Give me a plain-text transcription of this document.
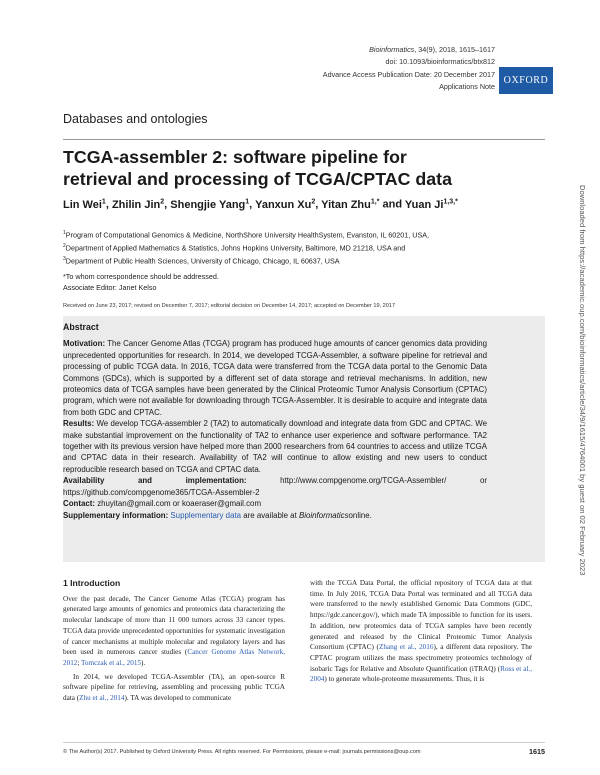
Bioinformatics, 34(9), 2018, 1615–1617
doi: 10.1093/bioinformatics/btx812
Advance Access Publication Date: 20 December 2017
Applications Note
OXFORD
Databases and ontologies
TCGA-assembler 2: software pipeline for retrieval and processing of TCGA/CPTAC data
Lin Wei$^1$, Zhilin Jin$^2$, Shengjie Yang$^1$, Yanxun Xu$^2$, Yitan Zhu$^{1,*}$ and Yuan $Ji^{1,3,*}$
$^1$Program of Computational Genomics & Medicine, NorthShore University HealthSystem, Evanston, IL 60201, USA,
$^2$Department of Applied Mathematics & Statistics, Johns Hopkins University, Baltimore, MD 21218, USA and
$^3$Department of Public Health Sciences, University of Chicago, Chicago, IL 60637, USA
*To whom correspondence should be addressed.
Associate Editor: Janet Kelso
Received on June 23, 2017; revised on December 7, 2017; editorial decision on December 14, 2017; accepted on December 19, 2017
Abstract

Motivation: The Cancer Genome Atlas (TCGA) program has produced huge amounts of cancer genomics data providing unprecedented opportunities for research. In 2014, we developed TCGA-Assembler, a software pipeline for retrieval and processing of public TCGA data. In 2016, TCGA data were transferred from the TCGA data portal to the Genomic Data Commons (GDCs), which is supported by a different set of data storage and retrieval mechanisms. In addition, new proteomics data of TCGA samples have been generated by the Clinical Proteomic Tumor Analysis Consortium (CPTAC) program, which were not available for downloading through TCGA-Assembler. It is desirable to acquire and integrate data from both GDC and CPTAC.

Results: We develop TCGA-assembler 2 (TA2) to automatically download and integrate data from GDC and CPTAC. We make substantial improvement on the functionality of TA2 to enhance user experience and software performance. TA2 together with its previous version have helped more than 2000 researchers from 64 countries to access and utilize TCGA and CPTAC data in their research. Availability of TA2 will continue to allow existing and new users to conduct reproducible research based on TCGA and CPTAC data.

Availability and implementation:	http://www.compgenome.org/TCGA-Assembler/ or https://github.com/compgenome365/TCGA-Assembler-2

Contact: zhuyitan@gmail.com or koaeraser@gmail.com

Supplementary information: Supplementary data are available at Bioinformaticsonline.

1 Introduction

Over the past decade, The Cancer Genome Atlas (TCGA) program has generated large amounts of genomics and proteomics data characterizing the molecular landscape of more than 11 000 tumors across 33 cancer types. TCGA data provide unprecedented opportunities for systematic investigation of cancer mechanisms at multiple molecular and regulatory layers and has been used in numerous cancer studies (Cancer Genome Atlas Network, 2012; Tomczak et al., 2015).

In 2014, we developed TCGA-Assembler (TA), an open-source R software pipeline for retrieving, assembling and processing public TCGA data (Zhu et al., 2014). TA was developed to communicate

with the TCGA Data Portal, the official repository of TCGA data at that time. In July 2016, TCGA Data Portal was terminated and all TCGA data were transferred to the newly established Genomic Data Commons (GDC, https://gdc.cancer.gov/), which made TA impossible to function for its users. In addition, new proteomics data of TCGA samples have been recently generated and released by the Clinical Proteomic Tumor Analysis Consortium (CPTAC) (Zhang et al., 2016), a different data repository. The CPTAC program utilizes the mass spectrometry proteomics technology of isobaric Tags for Relative and Absolute Quantification (iTRAQ) (Ross et al., 2004) to generate whole-proteome measurements. Thus, it is

© The Author(s) 2017. Published by Oxford University Press. All rights reserved. For Permissions, please e-mail: journals.permissions@oup.com	1615
Downloaded from https://academic.oup.com/bioinformatics/article/34/9/1615/4764001 by guest on 02 February 2023
